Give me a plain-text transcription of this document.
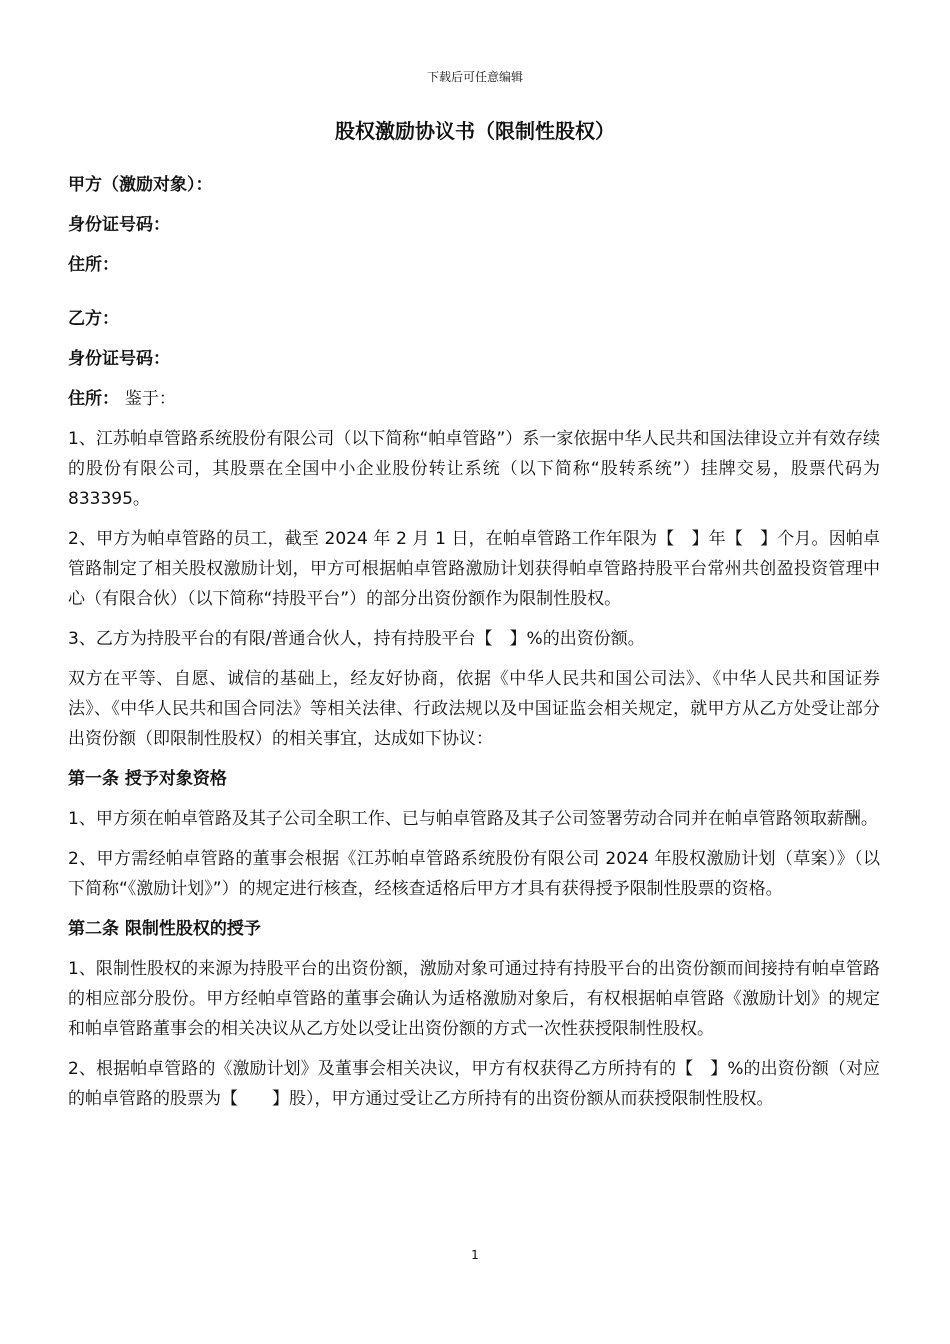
下载后可任意编辑
股权激励协议书（限制性股权）
甲方（激励对象）：
身份证号码：
住所：
乙方：
身份证号码：
住所： 鉴于：
1、江苏帕卓管路系统股份有限公司（以下简称“帕卓管路”）系一家依据中华人民共和国法律设立并有效存续的股份有限公司，其股票在全国中小企业股份转让系统（以下简称“股转系统”）挂牌交易，股票代码为 833395。
2、甲方为帕卓管路的员工，截至 2024 年 2 月 1 日，在帕卓管路工作年限为【　】年【　】个月。因帕卓管路制定了相关股权激励计划，甲方可根据帕卓管路激励计划获得帕卓管路持股平台常州共创盈投资管理中心（有限合伙）（以下简称“持股平台”）的部分出资份额作为限制性股权。
3、乙方为持股平台的有限/普通合伙人，持有持股平台【　】%的出资份额。
双方在平等、自愿、诚信的基础上，经友好协商，依据《中华人民共和国公司法》、《中华人民共和国证券法》、《中华人民共和国合同法》等相关法律、行政法规以及中国证监会相关规定，就甲方从乙方处受让部分出资份额（即限制性股权）的相关事宜，达成如下协议：
第一条 授予对象资格
1、甲方须在帕卓管路及其子公司全职工作、已与帕卓管路及其子公司签署劳动合同并在帕卓管路领取薪酬。
2、甲方需经帕卓管路的董事会根据《江苏帕卓管路系统股份有限公司 2024 年股权激励计划（草案）》（以下简称“《激励计划》”）的规定进行核查，经核查适格后甲方才具有获得授予限制性股票的资格。
第二条 限制性股权的授予
1、限制性股权的来源为持股平台的出资份额，激励对象可通过持有持股平台的出资份额而间接持有帕卓管路的相应部分股份。甲方经帕卓管路的董事会确认为适格激励对象后，有权根据帕卓管路《激励计划》的规定和帕卓管路董事会的相关决议从乙方处以受让出资份额的方式一次性获授限制性股权。
2、根据帕卓管路的《激励计划》及董事会相关决议，甲方有权获得乙方所持有的【　】%的出资份额（对应的帕卓管路的股票为【　　】股），甲方通过受让乙方所持有的出资份额从而获授限制性股权。
1
